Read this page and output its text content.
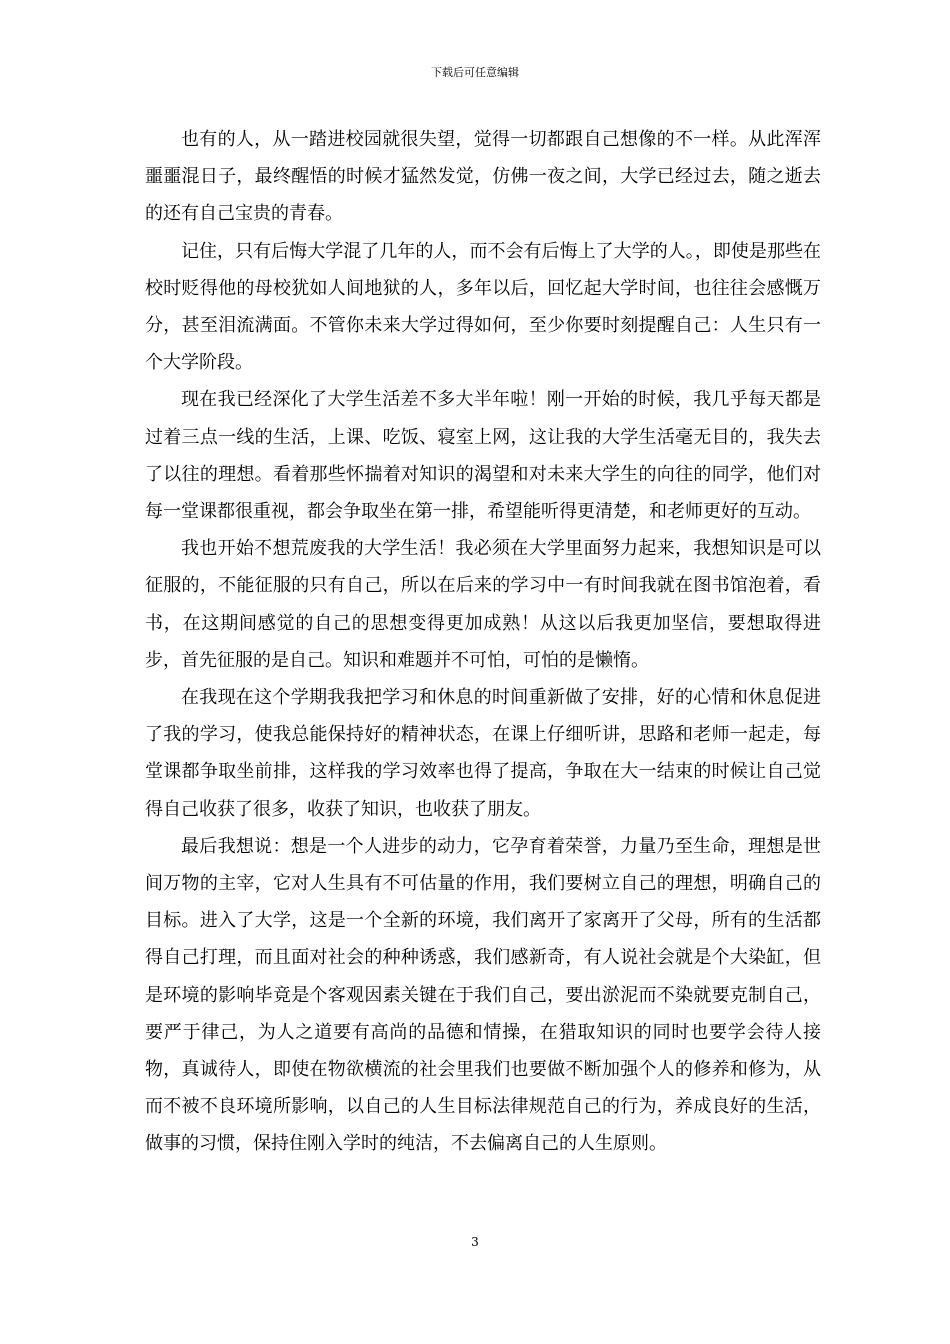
下载后可任意编辑

也有的人，从一踏进校园就很失望，觉得一切都跟自己想像的不一样。从此浑浑噩噩混日子，最终醒悟的时候才猛然发觉，仿佛一夜之间，大学已经过去，随之逝去的还有自己宝贵的青春。

记住，只有后悔大学混了几年的人，而不会有后悔上了大学的人。，即使是那些在校时贬得他的母校犹如人间地狱的人，多年以后，回忆起大学时间，也往往会感慨万分，甚至泪流满面。不管你未来大学过得如何，至少你要时刻提醒自己：人生只有一个大学阶段。

现在我已经深化了大学生活差不多大半年啦！刚一开始的时候，我几乎每天都是过着三点一线的生活，上课、吃饭、寝室上网，这让我的大学生活毫无目的，我失去了以往的理想。看着那些怀揣着对知识的渴望和对未来大学生的向往的同学，他们对每一堂课都很重视，都会争取坐在第一排，希望能听得更清楚，和老师更好的互动。

我也开始不想荒废我的大学生活！我必须在大学里面努力起来，我想知识是可以征服的，不能征服的只有自己，所以在后来的学习中一有时间我就在图书馆泡着，看书，在这期间感觉的自己的思想变得更加成熟！从这以后我更加坚信，要想取得进步，首先征服的是自己。知识和难题并不可怕，可怕的是懒惰。

在我现在这个学期我我把学习和休息的时间重新做了安排，好的心情和休息促进了我的学习，使我总能保持好的精神状态，在课上仔细听讲，思路和老师一起走，每堂课都争取坐前排，这样我的学习效率也得了提高，争取在大一结束的时候让自己觉得自己收获了很多，收获了知识，也收获了朋友。

最后我想说：想是一个人进步的动力，它孕育着荣誉，力量乃至生命，理想是世间万物的主宰，它对人生具有不可估量的作用，我们要树立自己的理想，明确自己的目标。进入了大学，这是一个全新的环境，我们离开了家离开了父母，所有的生活都得自己打理，而且面对社会的种种诱惑，我们感新奇，有人说社会就是个大染缸，但是环境的影响毕竟是个客观因素关键在于我们自己，要出淤泥而不染就要克制自己，要严于律己，为人之道要有高尚的品德和情操，在猎取知识的同时也要学会待人接物，真诚待人，即使在物欲横流的社会里我们也要做不断加强个人的修养和修为，从而不被不良环境所影响，以自己的人生目标法律规范自己的行为，养成良好的生活，做事的习惯，保持住刚入学时的纯洁，不去偏离自己的人生原则。

3
